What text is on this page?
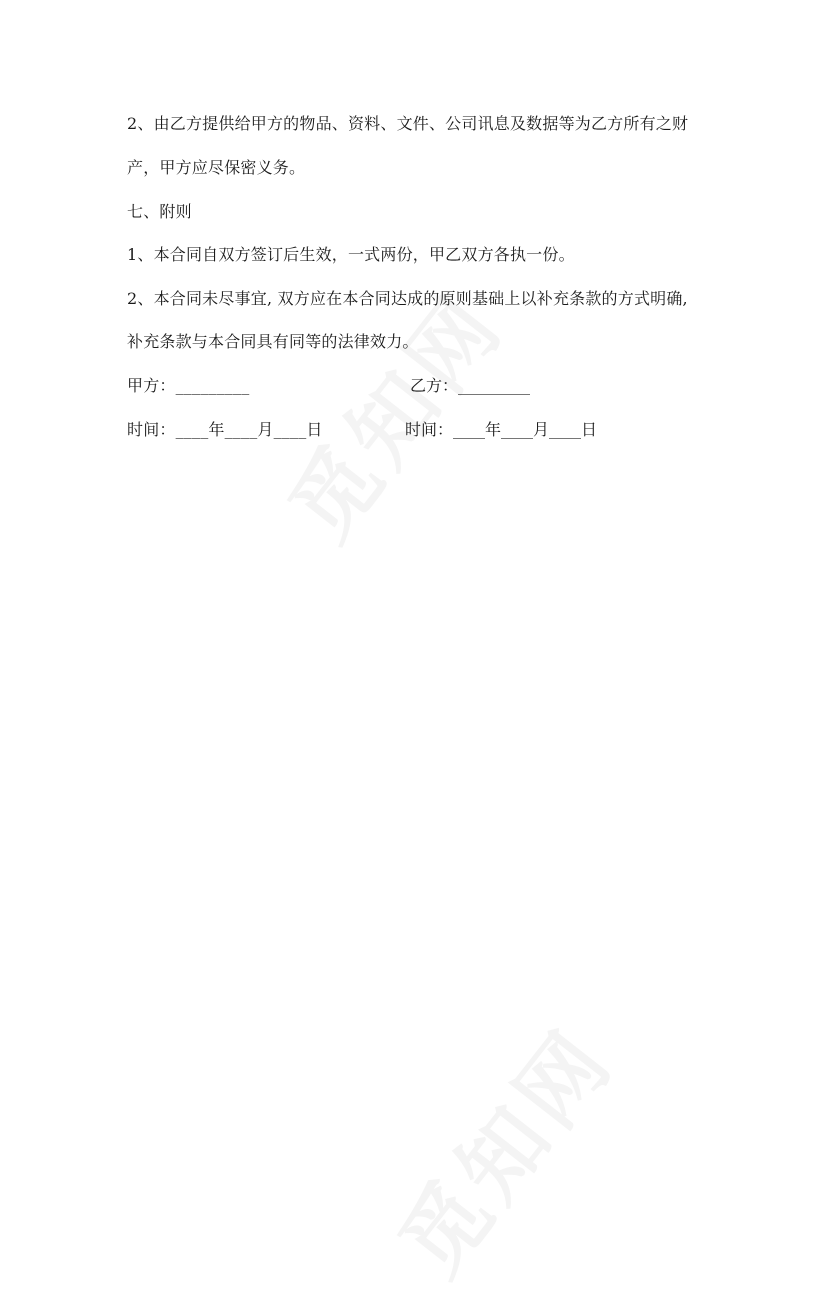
2、由乙方提供给甲方的物品、资料、文件、公司讯息及数据等为乙方所有之财
产，甲方应尽保密义务。
七、附则
1、本合同自双方签订后生效，一式两份，甲乙双方各执一份。
2、本合同未尽事宜, 双方应在本合同达成的原则基础上以补充条款的方式明确,
补充条款与本合同具有同等的法律效力。
甲方：_________	乙方：_________
时间：____年____月____日	时间：____年____月____日
